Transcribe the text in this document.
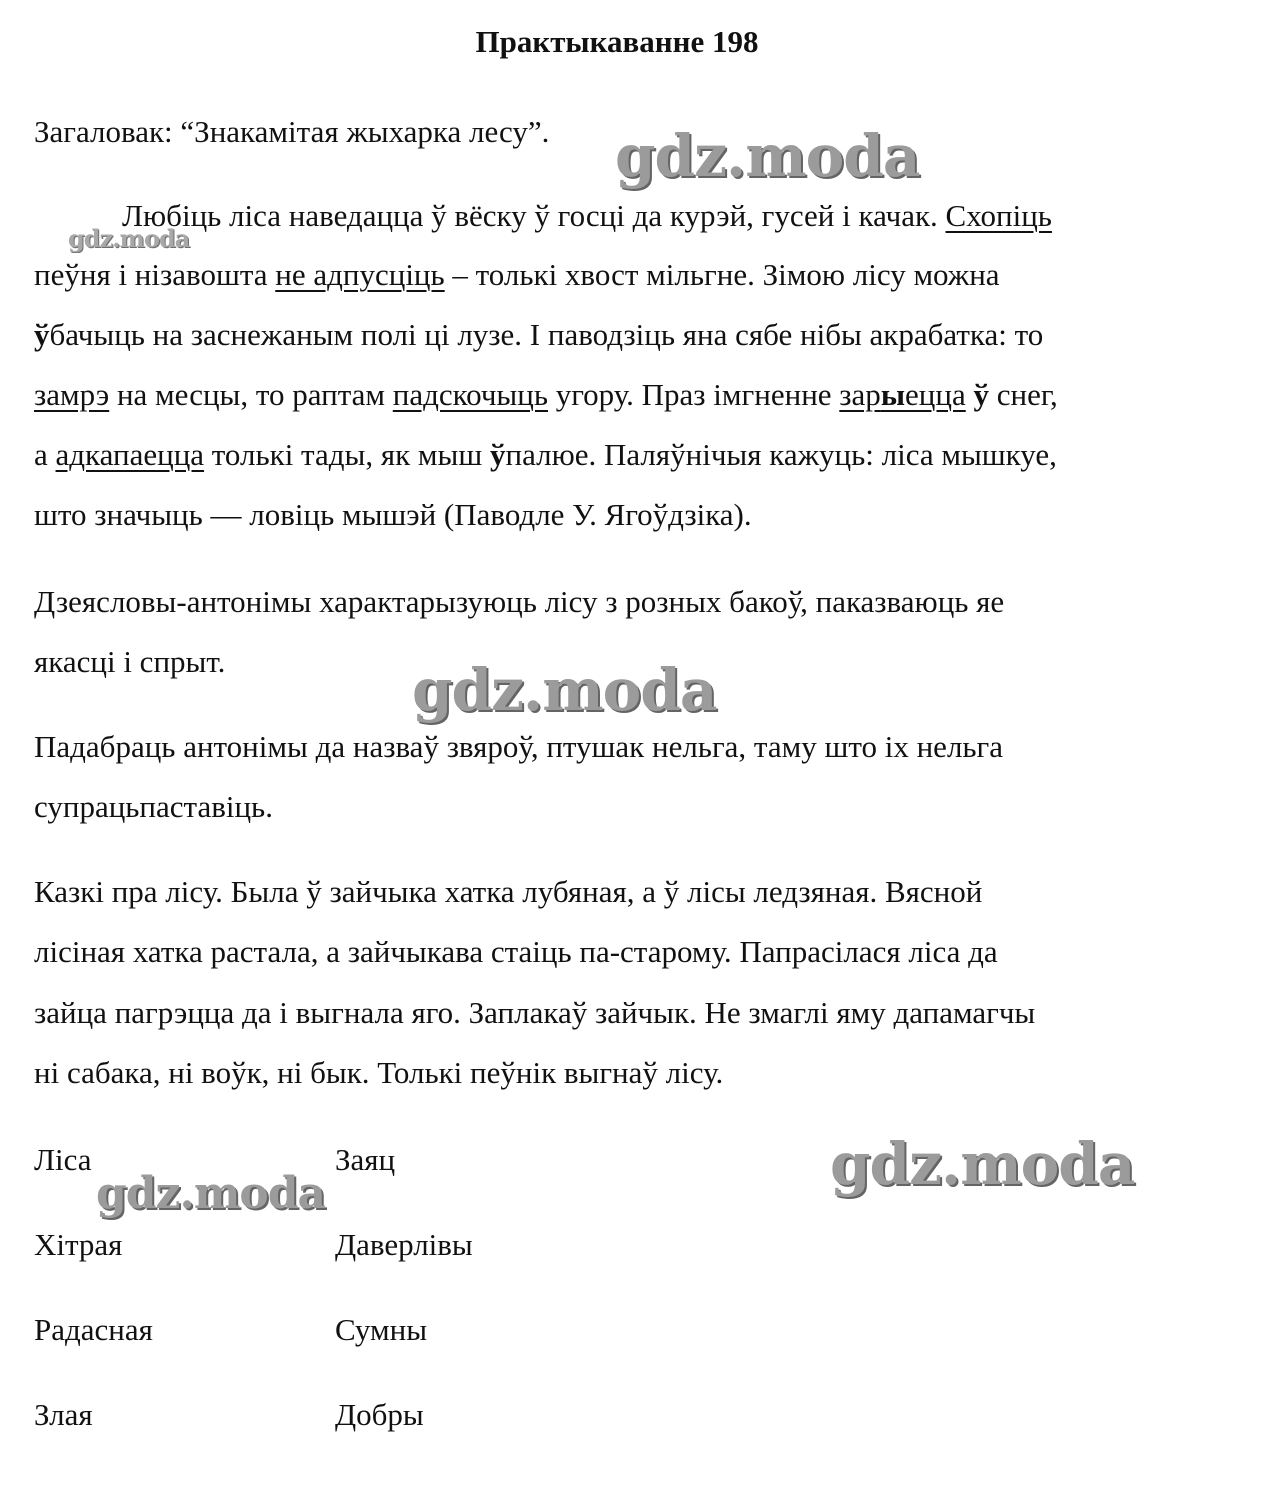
Практыкаванне 198
Загаловак: “Знакамітая жыхарка лесу”.
Любіць ліса наведацца ў вёску ў госці да курэй, гусей і качак. Схопіць
пеўня і нізавошта не адпусціць – толькі хвост мільгне. Зімою лісу можна
ўбачыць на заснежаным полі ці лузе. І паводзіць яна сябе нібы акрабатка: то
замрэ на месцы, то раптам падскочыць угору. Праз імгненне зарыецца ў снег,
а адкапаецца толькі тады, як мыш ўпалюе. Паляўнічыя кажуць: ліса мышкуе,
што значыць — ловіць мышэй (Паводле У. Ягоўдзіка).
Дзеясловы-антонімы характарызуюць лісу з розных бакоў, паказваюць яе
якасці і спрыт.
Падабраць антонімы да назваў звяроў, птушак нельга, таму што іх нельга
супрацьпаставіць.
Казкі пра лісу. Была ў зайчыка хатка лубяная, а ў лісы ледзяная. Вясной
лісіная хатка растала, а зайчыкава стаіць па-старому. Папрасілася ліса да
зайца пагрэцца да і выгнала яго. Заплакаў зайчык. Не змаглі яму дапамагчы
ні сабака, ні воўк, ні бык. Толькі пеўнік выгнаў лісу.
Ліса	Заяц
Хітрая	Даверлівы
Радасная	Сумны
Злая	Добры
gdz.moda
gdz.moda
gdz.moda
gdz.moda
gdz.moda
